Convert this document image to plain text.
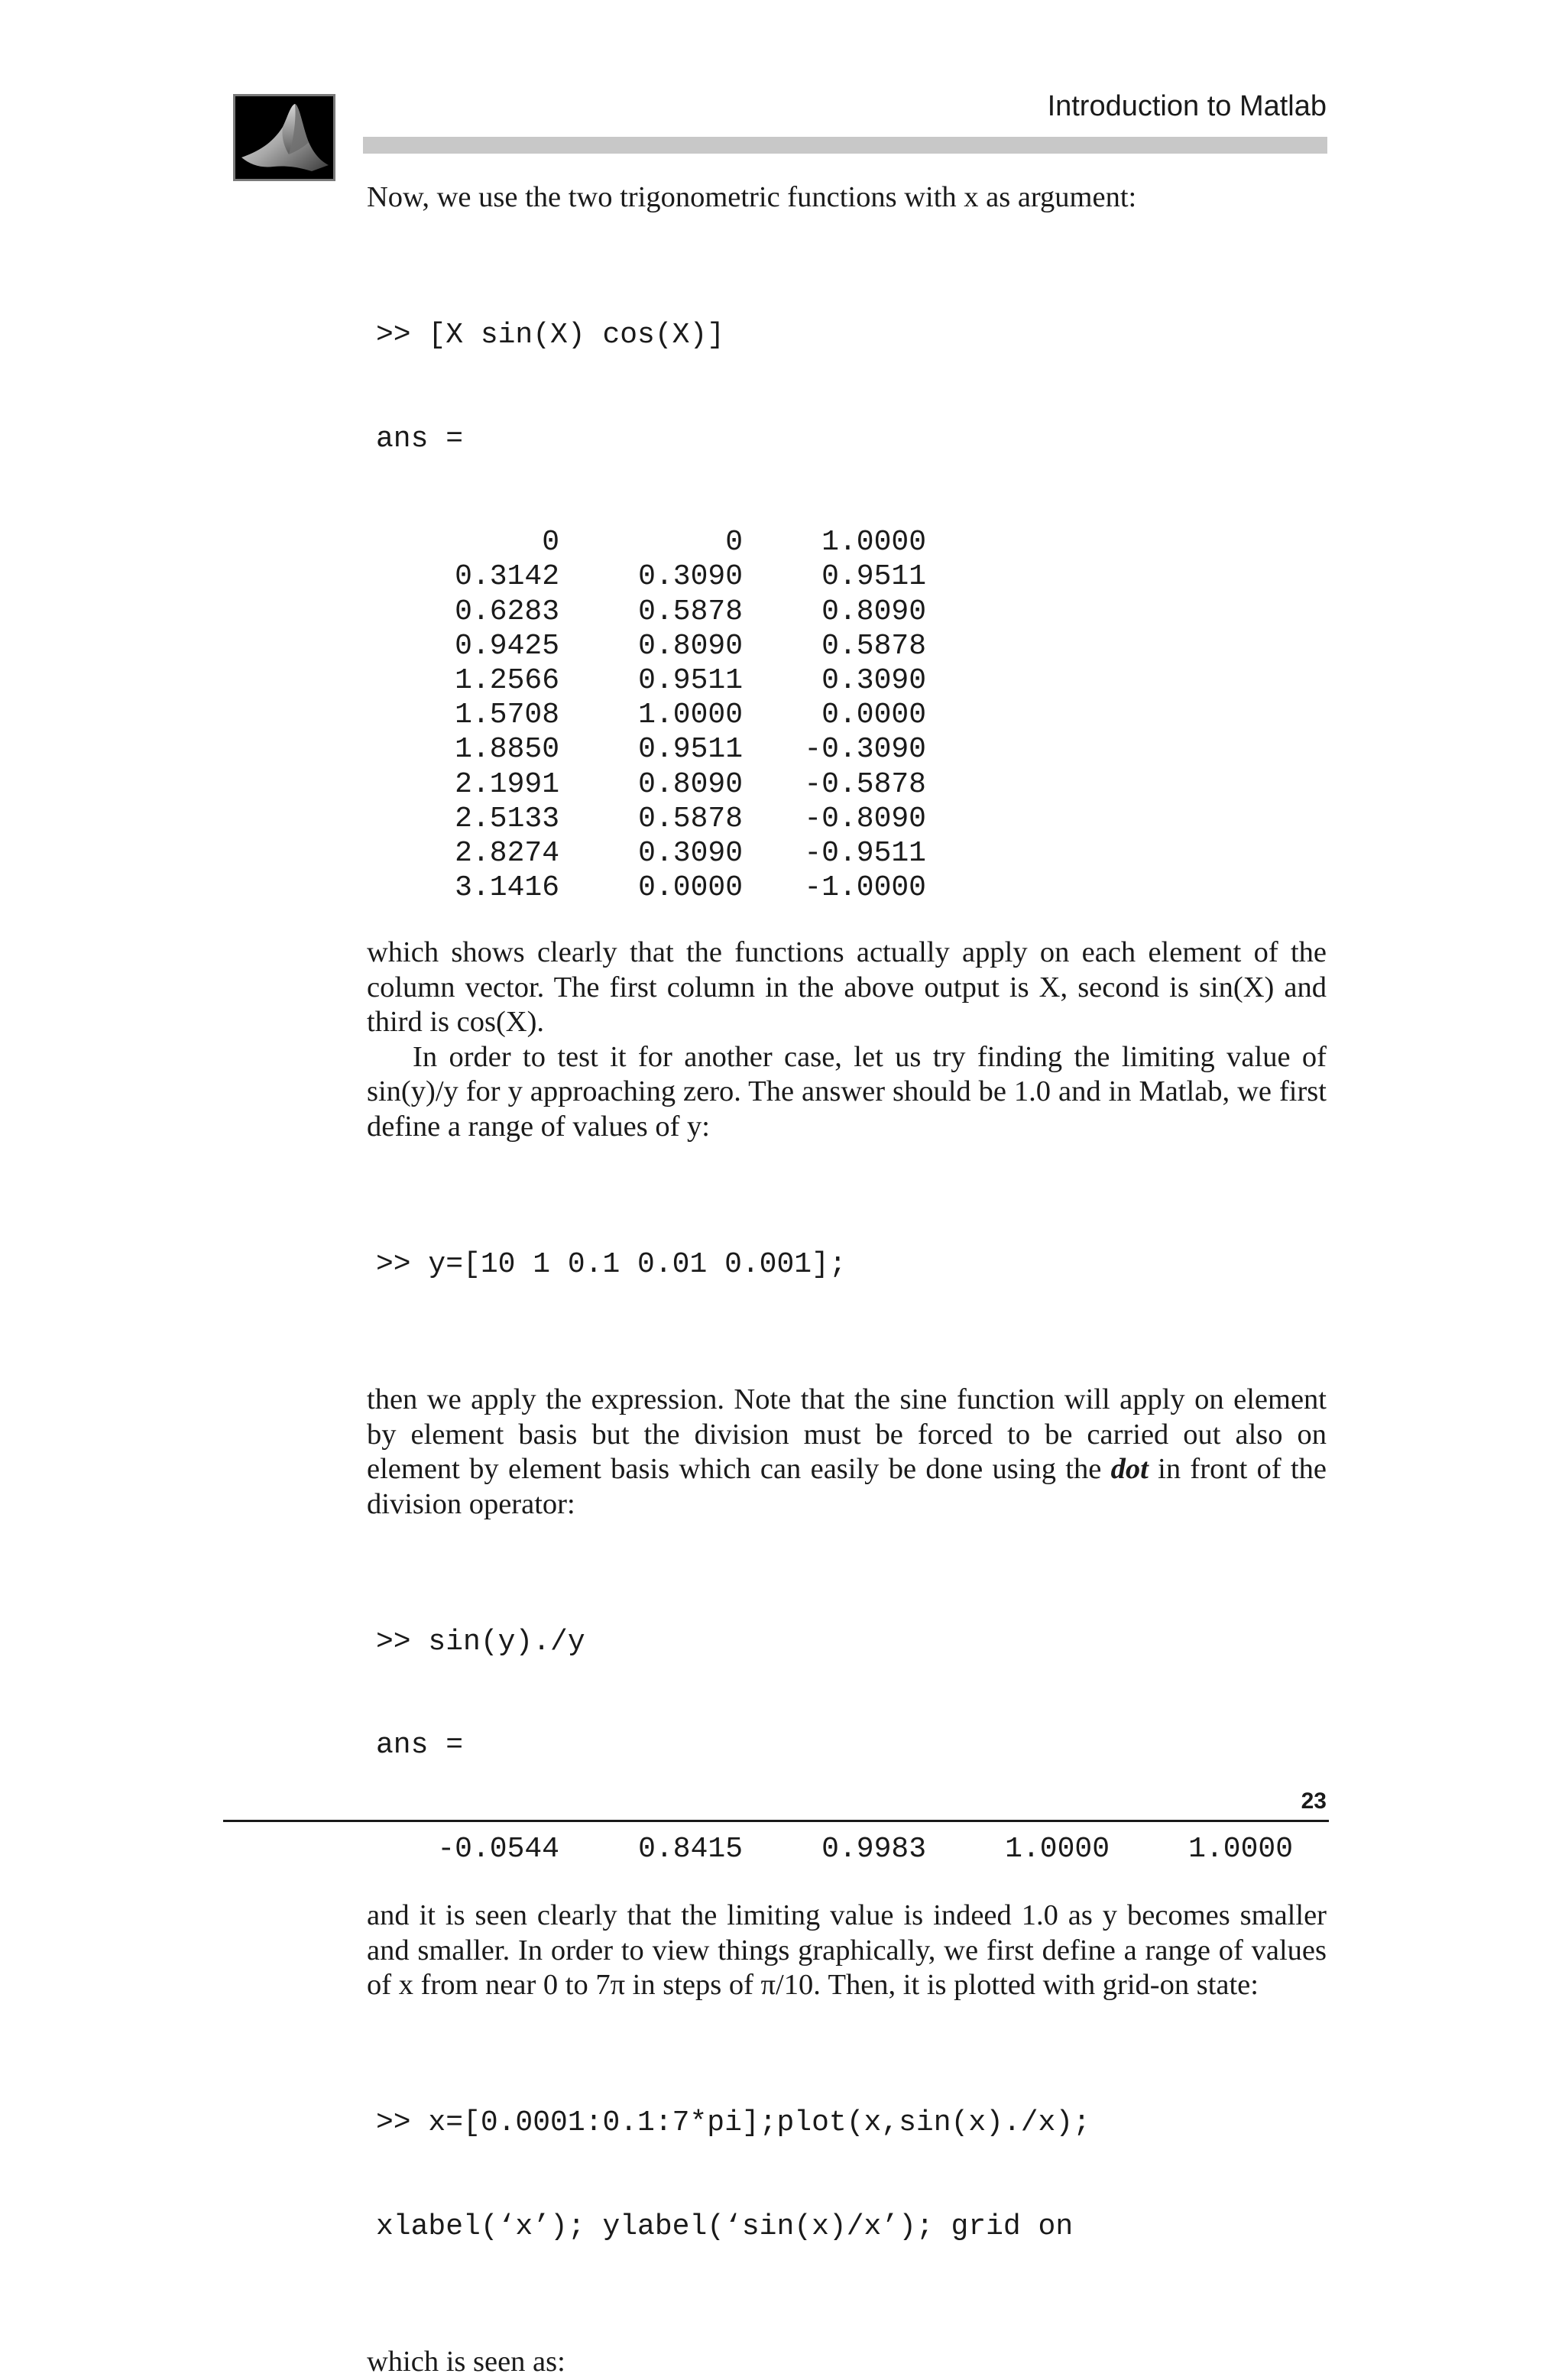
Introduction to Matlab

Now, we use the two trigonometric functions with x as argument:

>> [X sin(X) cos(X)]

ans =

0	0	1.0000
0.3142	0.3090	0.9511
0.6283	0.5878	0.8090
0.9425	0.8090	0.5878
1.2566	0.9511	0.3090
1.5708	1.0000	0.0000
1.8850	0.9511	-0.3090
2.1991	0.8090	-0.5878
2.5133	0.5878	-0.8090
2.8274	0.3090	-0.9511
3.1416	0.0000	-1.0000

which shows clearly that the functions actually apply on each element of the column vector. The first column in the above output is X, second is sin(X) and third is cos(X).

In order to test it for another case, let us try finding the limiting value of sin(y)/y for y approaching zero. The answer should be 1.0 and in Matlab, we first define a range of values of y:

>> y=[10 1 0.1 0.01 0.001];

then we apply the expression. Note that the sine function will apply on element by element basis but the division must be forced to be carried out also on element by element basis which can easily be done using the dot in front of the division operator:

>> sin(y)./y

ans =

-0.0544	0.8415	0.9983	1.0000	1.0000

and it is seen clearly that the limiting value is indeed 1.0 as y becomes smaller and smaller. In order to view things graphically, we first define a range of values of x from near 0 to 7π in steps of π/10. Then, it is plotted with grid-on state:

>> x=[0.0001:0.1:7*pi];plot(x,sin(x)./x);

xlabel(‘x’); ylabel(‘sin(x)/x’); grid on

which is seen as:

23
